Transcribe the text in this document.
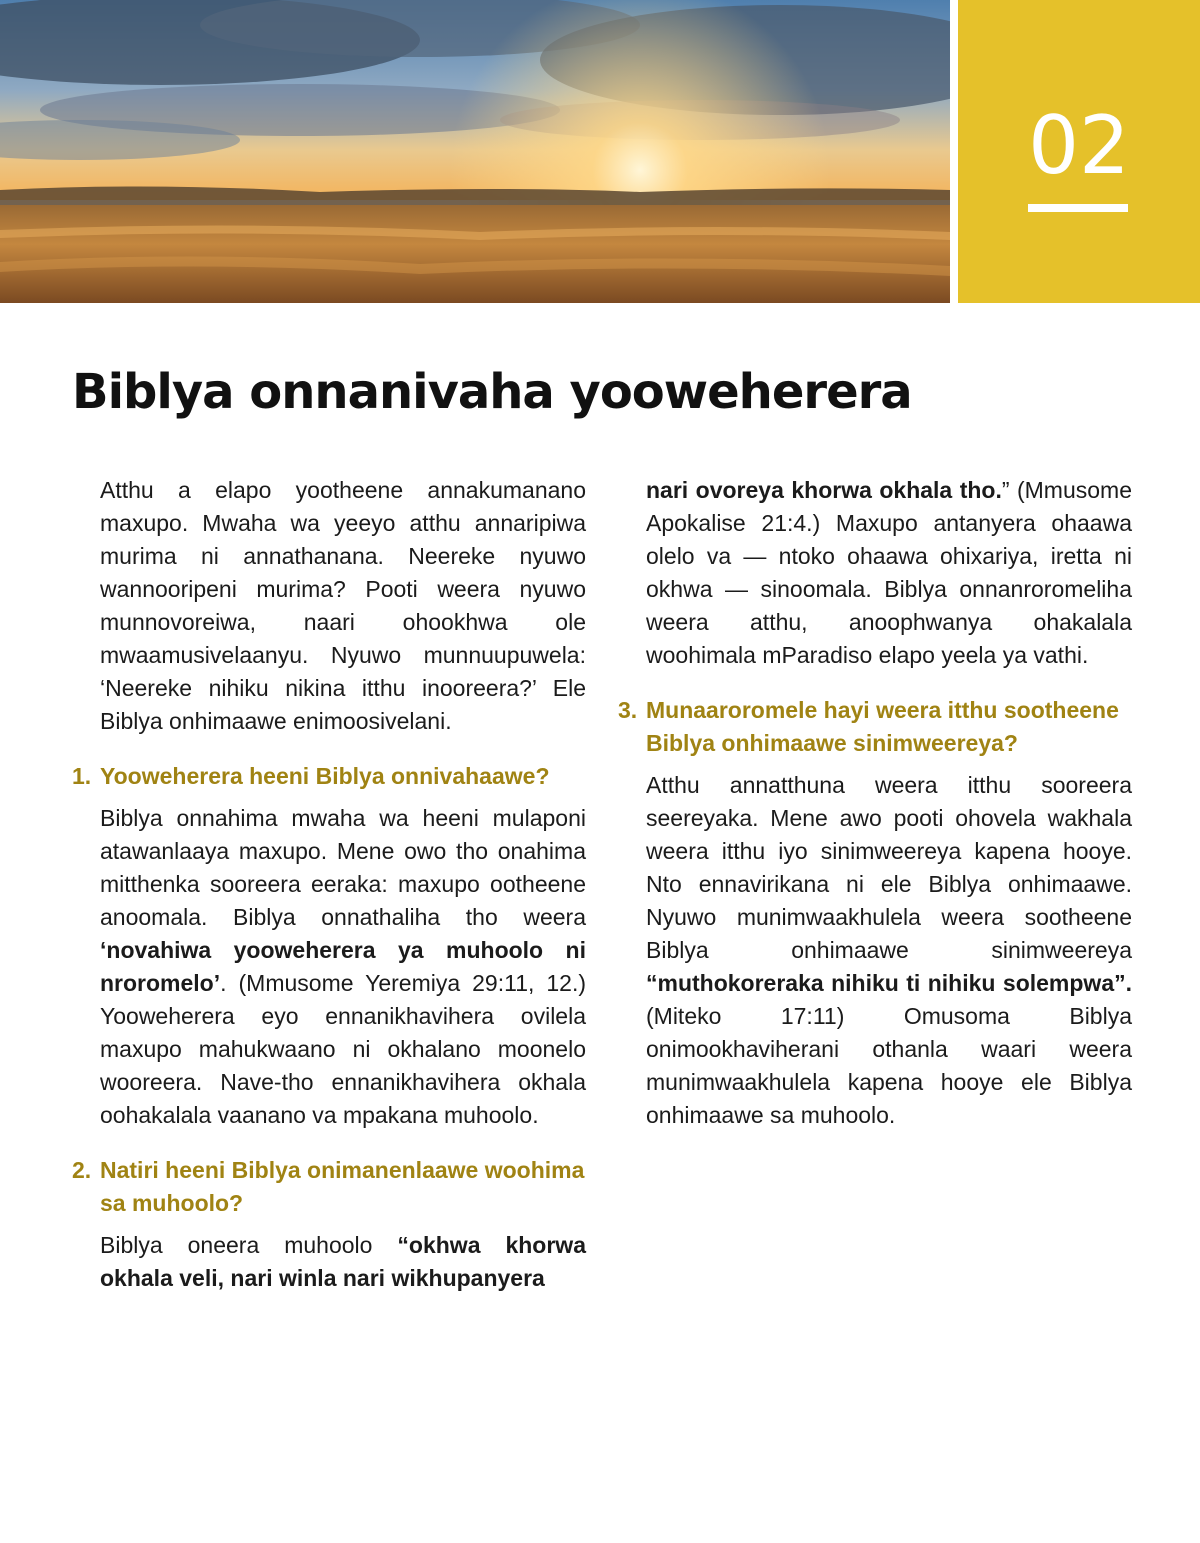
02
Biblya onnanivaha yooweherera

Atthu a elapo yootheene annakumanano maxupo. Mwaha wa yeeyo atthu annaripiwa murima ni annathanana. Neereke nyuwo wannooripeni murima? Pooti weera nyuwo munnovoreiwa, naari ohookhwa ole mwaamusivelaanyu. Nyuwo munnuupuwela: ‘Neereke nihiku nikina itthu inooreera?’ Ele Biblya onhimaawe enimoosivelani.

1. Yooweherera heeni Biblya onnivahaawe?

Biblya onnahima mwaha wa heeni mulaponi atawanlaaya maxupo. Mene owo tho onahima mitthenka sooreera eeraka: maxupo ootheene anoomala. Biblya onnathaliha tho weera ‘novahiwa yooweherera ya muhoolo ni nroromelo’. (Mmusome Yeremiya 29:11, 12.) Yooweherera eyo ennanikhavihera ovilela maxupo mahukwaano ni okhalano moonelo wooreera. Nave-tho ennanikhavihera okhala oohakalala vaanano va mpakana muhoolo.

2. Natiri heeni Biblya onimanenlaawe woohima sa muhoolo?

Biblya oneera muhoolo “okhwa khorwa okhala veli, nari winla nari wikhupanyera

nari ovoreya khorwa okhala tho.” (Mmusome Apokalise 21:4.) Maxupo antanyera ohaawa olelo va — ntoko ohaawa ohixariya, iretta ni okhwa — sinoomala. Biblya onnanroromeliha weera atthu, anoophwanya ohakalala woohimala mParadiso elapo yeela ya vathi.

3. Munaaroromele hayi weera itthu sootheene Biblya onhimaawe sinimweereya?

Atthu annatthuna weera itthu sooreera seereyaka. Mene awo pooti ohovela wakhala weera itthu iyo sinimweereya kapena hooye. Nto ennavirikana ni ele Biblya onhimaawe. Nyuwo munimwaakhulela weera sootheene Biblya onhimaawe sinimweereya “muthokoreraka nihiku ti nihiku solempwa”. (Miteko 17:11) Omusoma Biblya onimookhaviherani othanla waari weera munimwaakhulela kapena hooye ele Biblya onhimaawe sa muhoolo.
